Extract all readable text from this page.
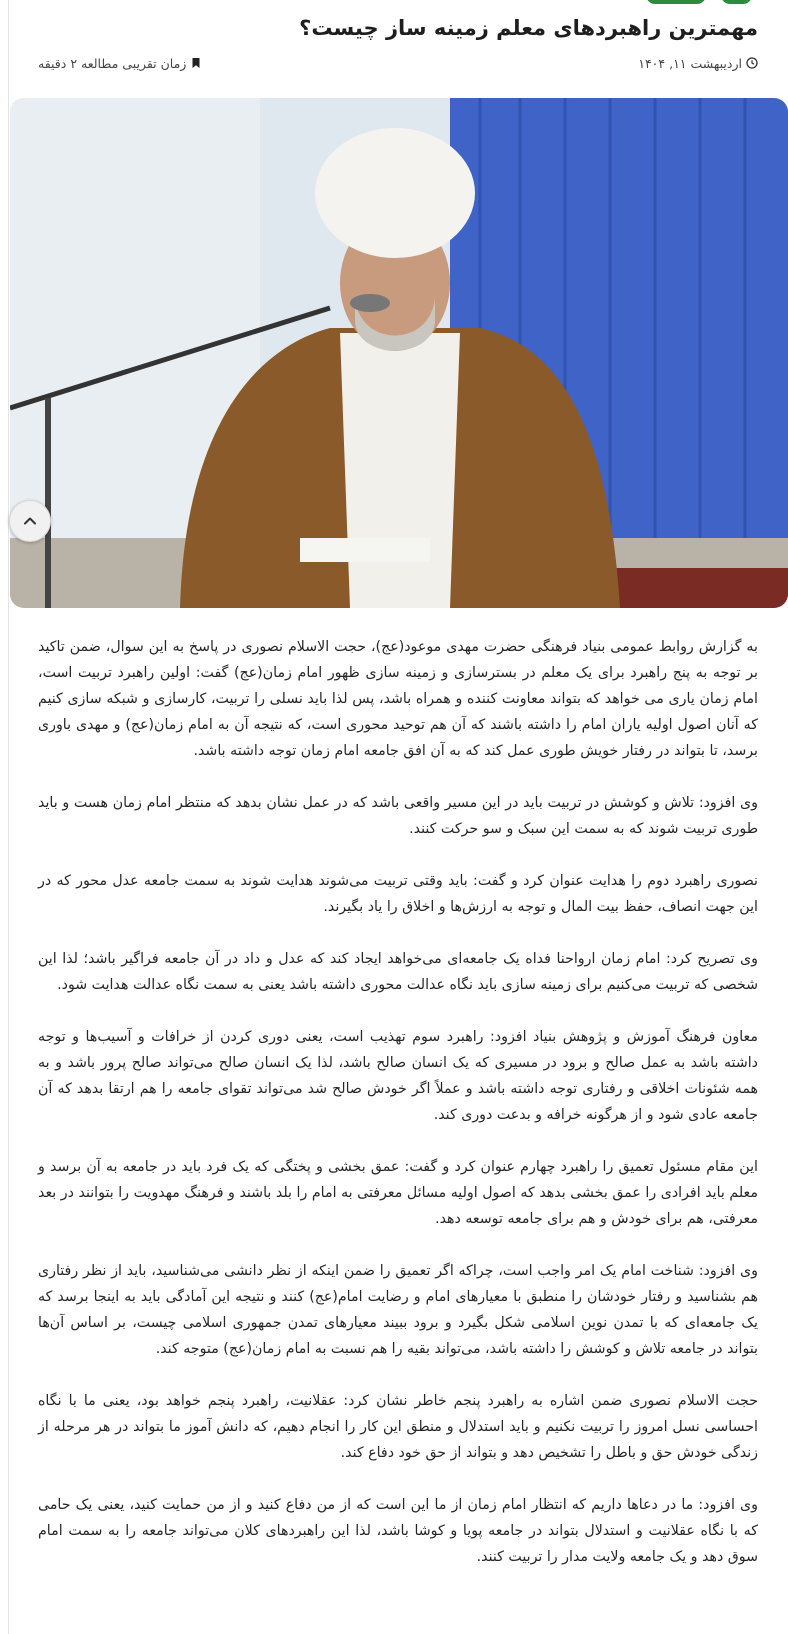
مهمترین راهبردهای معلم زمینه ساز چیست؟
اردیبهشت ۱۱, ۱۴۰۴
زمان تقریبی مطالعه ۲ دقیقه

به گزارش روابط عمومی بنیاد فرهنگی حضرت مهدی موعود(عج)، حجت الاسلام نصوری در پاسخ به این سوال، ضمن تاکید بر توجه به پنج راهبرد برای یک معلم در بسترسازی و زمینه سازی ظهور امام زمان(عج) گفت: اولین راهبرد تربیت است، امام زمان یاری می خواهد که بتواند معاونت کننده و همراه باشد، پس لذا باید نسلی را تربیت، کارسازی و شبکه سازی کنیم که آنان اصول اولیه یاران امام را داشته باشند که آن هم توحید محوری است، که نتیجه آن به امام زمان(عج) و مهدی باوری برسد، تا بتواند در رفتار خویش طوری عمل کند که به آن افق جامعه امام زمان توجه داشته باشد.

وی افزود: تلاش و کوشش در تربیت باید در این مسیر واقعی باشد که در عمل نشان بدهد که منتظر امام زمان هست و باید طوری تربیت شوند که به سمت این سبک و سو حرکت کنند.

نصوری راهبرد دوم را هدایت عنوان کرد و گفت: باید وقتی تربیت می‌شوند هدایت شوند به سمت جامعه عدل محور که در این جهت انصاف، حفظ بیت المال و توجه به ارزش‌ها و اخلاق را یاد بگیرند.

وی تصریح کرد: امام زمان ارواحنا فداه یک جامعه‌ای می‌خواهد ایجاد کند که عدل و داد در آن جامعه فراگیر باشد؛ لذا این شخصی که تربیت می‌کنیم برای زمینه سازی باید نگاه عدالت محوری داشته باشد یعنی به سمت نگاه عدالت هدایت شود.

معاون فرهنگ آموزش و پژوهش بنیاد افزود: راهبرد سوم تهذیب است، یعنی دوری کردن از خرافات و آسیب‌ها و توجه داشته باشد به عمل صالح و برود در مسیری که یک انسان صالح باشد، لذا یک انسان صالح می‌تواند صالح پرور باشد و به همه شئونات اخلاقی و رفتاری توجه داشته باشد و عملاً اگر خودش صالح شد می‌تواند تقوای جامعه را هم ارتقا بدهد که آن جامعه عادی شود و از هرگونه خرافه و بدعت دوری کند.

این مقام مسئول تعمیق را راهبرد چهارم عنوان کرد و گفت: عمق بخشی و پختگی که یک فرد باید در جامعه به آن برسد و معلم باید افرادی را عمق بخشی بدهد که اصول اولیه مسائل معرفتی به امام را بلد باشند و فرهنگ مهدویت را بتوانند در بعد معرفتی، هم برای خودش و هم برای جامعه توسعه دهد.

وی افزود: شناخت امام یک امر واجب است، چراکه اگر تعمیق را ضمن اینکه از نظر دانشی می‌شناسید، باید از نظر رفتاری هم بشناسید و رفتار خودشان را منطبق با معیارهای امام و رضایت امام(عج) کنند و نتیجه این آمادگی باید به اینجا برسد که یک جامعه‌ای که با تمدن نوین اسلامی شکل بگیرد و برود ببیند معیارهای تمدن جمهوری اسلامی چیست، بر اساس آن‌ها بتواند در جامعه تلاش و کوشش را داشته باشد، می‌تواند بقیه را هم نسبت به امام زمان(عج) متوجه کند.

حجت الاسلام نصوری ضمن اشاره به راهبرد پنجم خاطر نشان کرد: عقلانیت، راهبرد پنجم خواهد بود، یعنی ما با نگاه احساسی نسل امروز را تربیت نکنیم و باید استدلال و منطق این کار را انجام دهیم، که دانش آموز ما بتواند در هر مرحله از زندگی خودش حق و باطل را تشخیص دهد و بتواند از حق خود دفاع کند.

وی افزود: ما در دعاها داریم که انتظار امام زمان از ما این است که از من دفاع کنید و از من حمایت کنید، یعنی یک حامی که با نگاه عقلانیت و استدلال بتواند در جامعه پویا و کوشا باشد، لذا این راهبردهای کلان می‌تواند جامعه را به سمت امام سوق دهد و یک جامعه ولایت مدار را تربیت کنند.
